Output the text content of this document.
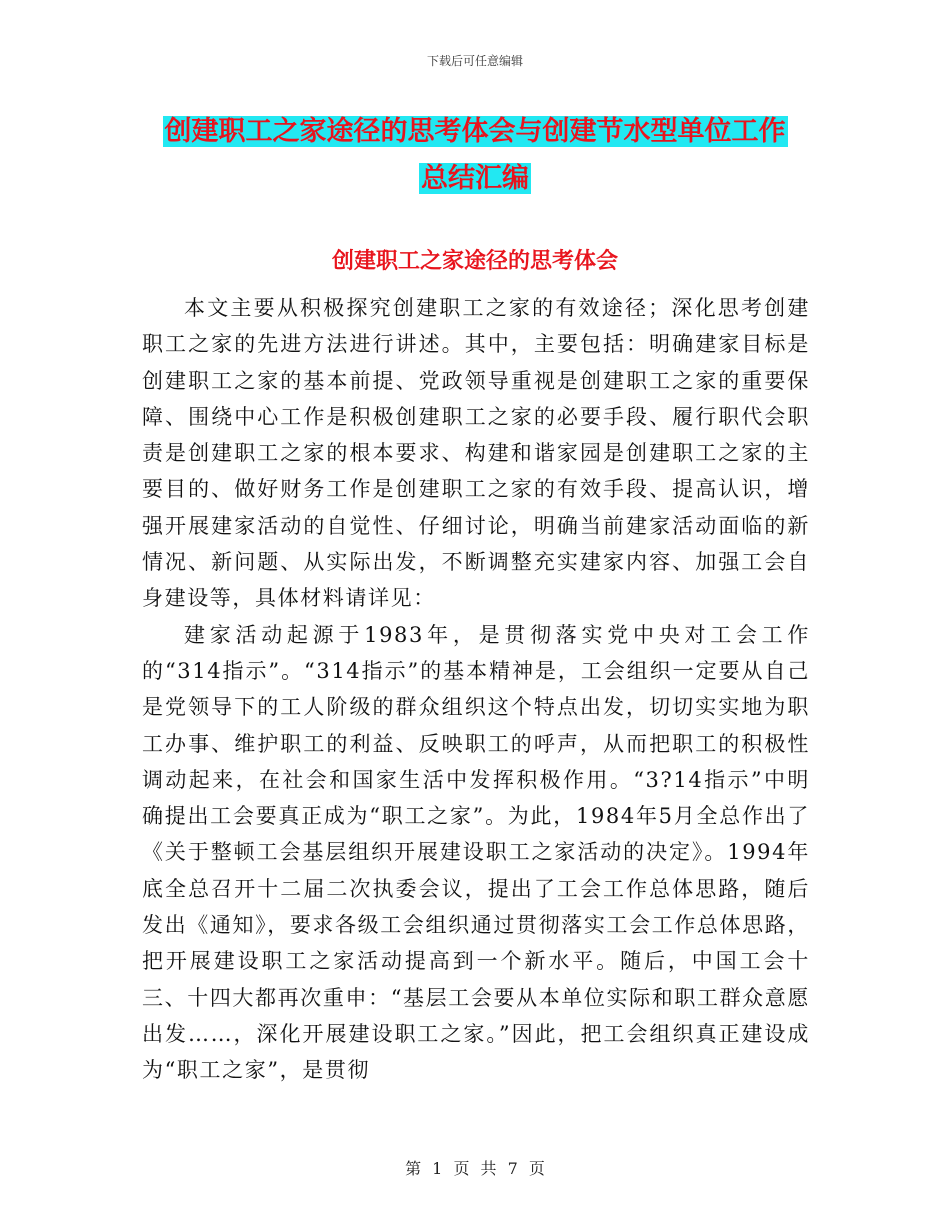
下载后可任意编辑
创建职工之家途径的思考体会与创建节水型单位工作
总结汇编
创建职工之家途径的思考体会

本文主要从积极探究创建职工之家的有效途径；深化思考创建职工之家的先进方法进行讲述。其中，主要包括：明确建家目标是创建职工之家的基本前提、党政领导重视是创建职工之家的重要保障、围绕中心工作是积极创建职工之家的必要手段、履行职代会职责是创建职工之家的根本要求、构建和谐家园是创建职工之家的主要目的、做好财务工作是创建职工之家的有效手段、提高认识，增强开展建家活动的自觉性、仔细讨论，明确当前建家活动面临的新情况、新问题、从实际出发，不断调整充实建家内容、加强工会自身建设等，具体材料请详见：

建家活动起源于1983年，是贯彻落实党中央对工会工作的“314指示”。“314指示”的基本精神是，工会组织一定要从自己是党领导下的工人阶级的群众组织这个特点出发，切切实实地为职工办事、维护职工的利益、反映职工的呼声，从而把职工的积极性调动起来，在社会和国家生活中发挥积极作用。“3?14指示”中明确提出工会要真正成为“职工之家”。为此，1984年5月全总作出了《关于整顿工会基层组织开展建设职工之家活动的决定》。1994年底全总召开十二届二次执委会议，提出了工会工作总体思路，随后发出《通知》，要求各级工会组织通过贯彻落实工会工作总体思路，把开展建设职工之家活动提高到一个新水平。随后，中国工会十三、十四大都再次重申：“基层工会要从本单位实际和职工群众意愿出发……，深化开展建设职工之家。”因此，把工会组织真正建设成为“职工之家”，是贯彻

第 1 页 共 7 页
